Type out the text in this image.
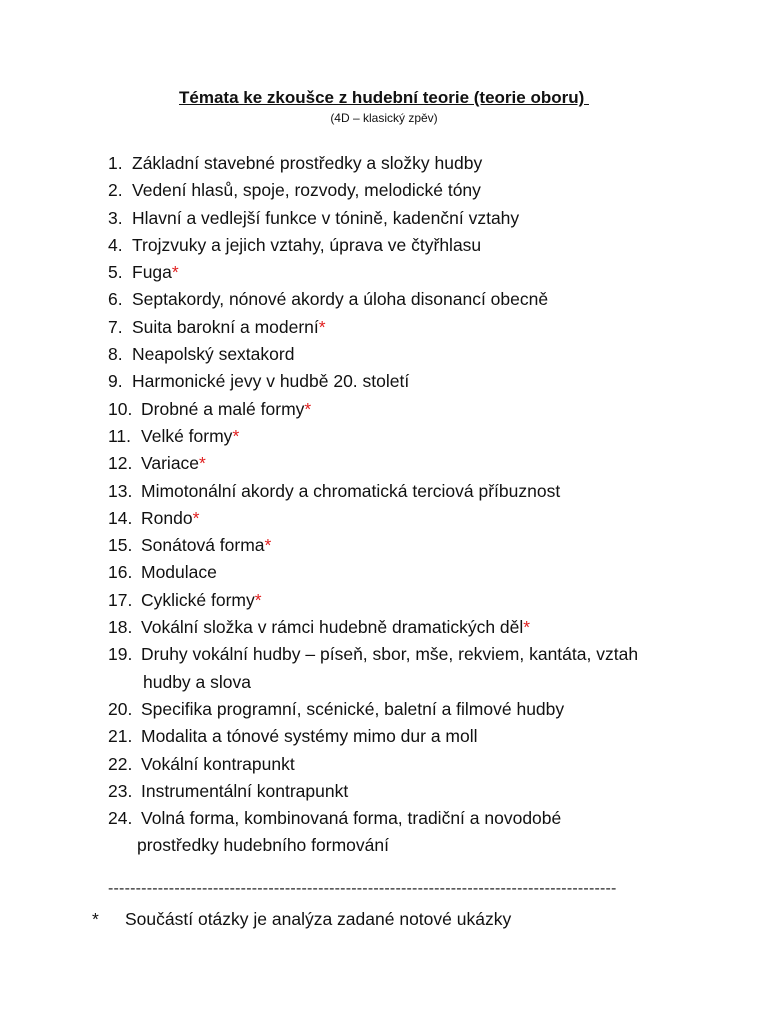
Témata ke zkoušce z hudební teorie (teorie oboru)
(4D – klasický zpěv)
1. Základní stavebné prostředky a složky hudby
2. Vedení hlasů, spoje, rozvody, melodické tóny
3. Hlavní a vedlejší funkce v tónině, kadenční vztahy
4. Trojzvuky a jejich vztahy, úprava ve čtyřhlasu
5. Fuga*
6. Septakordy, nónové akordy a úloha disonancí obecně
7. Suita barokní a moderní*
8. Neapolský sextakord
9. Harmonické jevy v hudbě 20. století
10. Drobné a malé formy*
11. Velké formy*
12. Variace*
13. Mimotonální akordy a chromatická terciová příbuznost
14. Rondo*
15. Sonátová forma*
16. Modulace
17. Cyklické formy*
18. Vokální složka v rámci hudebně dramatických děl*
19. Druhy vokální hudby – píseň, sbor, mše, rekviem, kantáta, vztah
hudby a slova
20. Specifika programní, scénické, baletní a filmové hudby
21. Modalita a tónové systémy mimo dur a moll
22. Vokální kontrapunkt
23. Instrumentální kontrapunkt
24. Volná forma, kombinovaná forma, tradiční a novodobé
prostředky hudebního formování
--------------------------------------------------------------------------------------------
* Součástí otázky je analýza zadané notové ukázky
